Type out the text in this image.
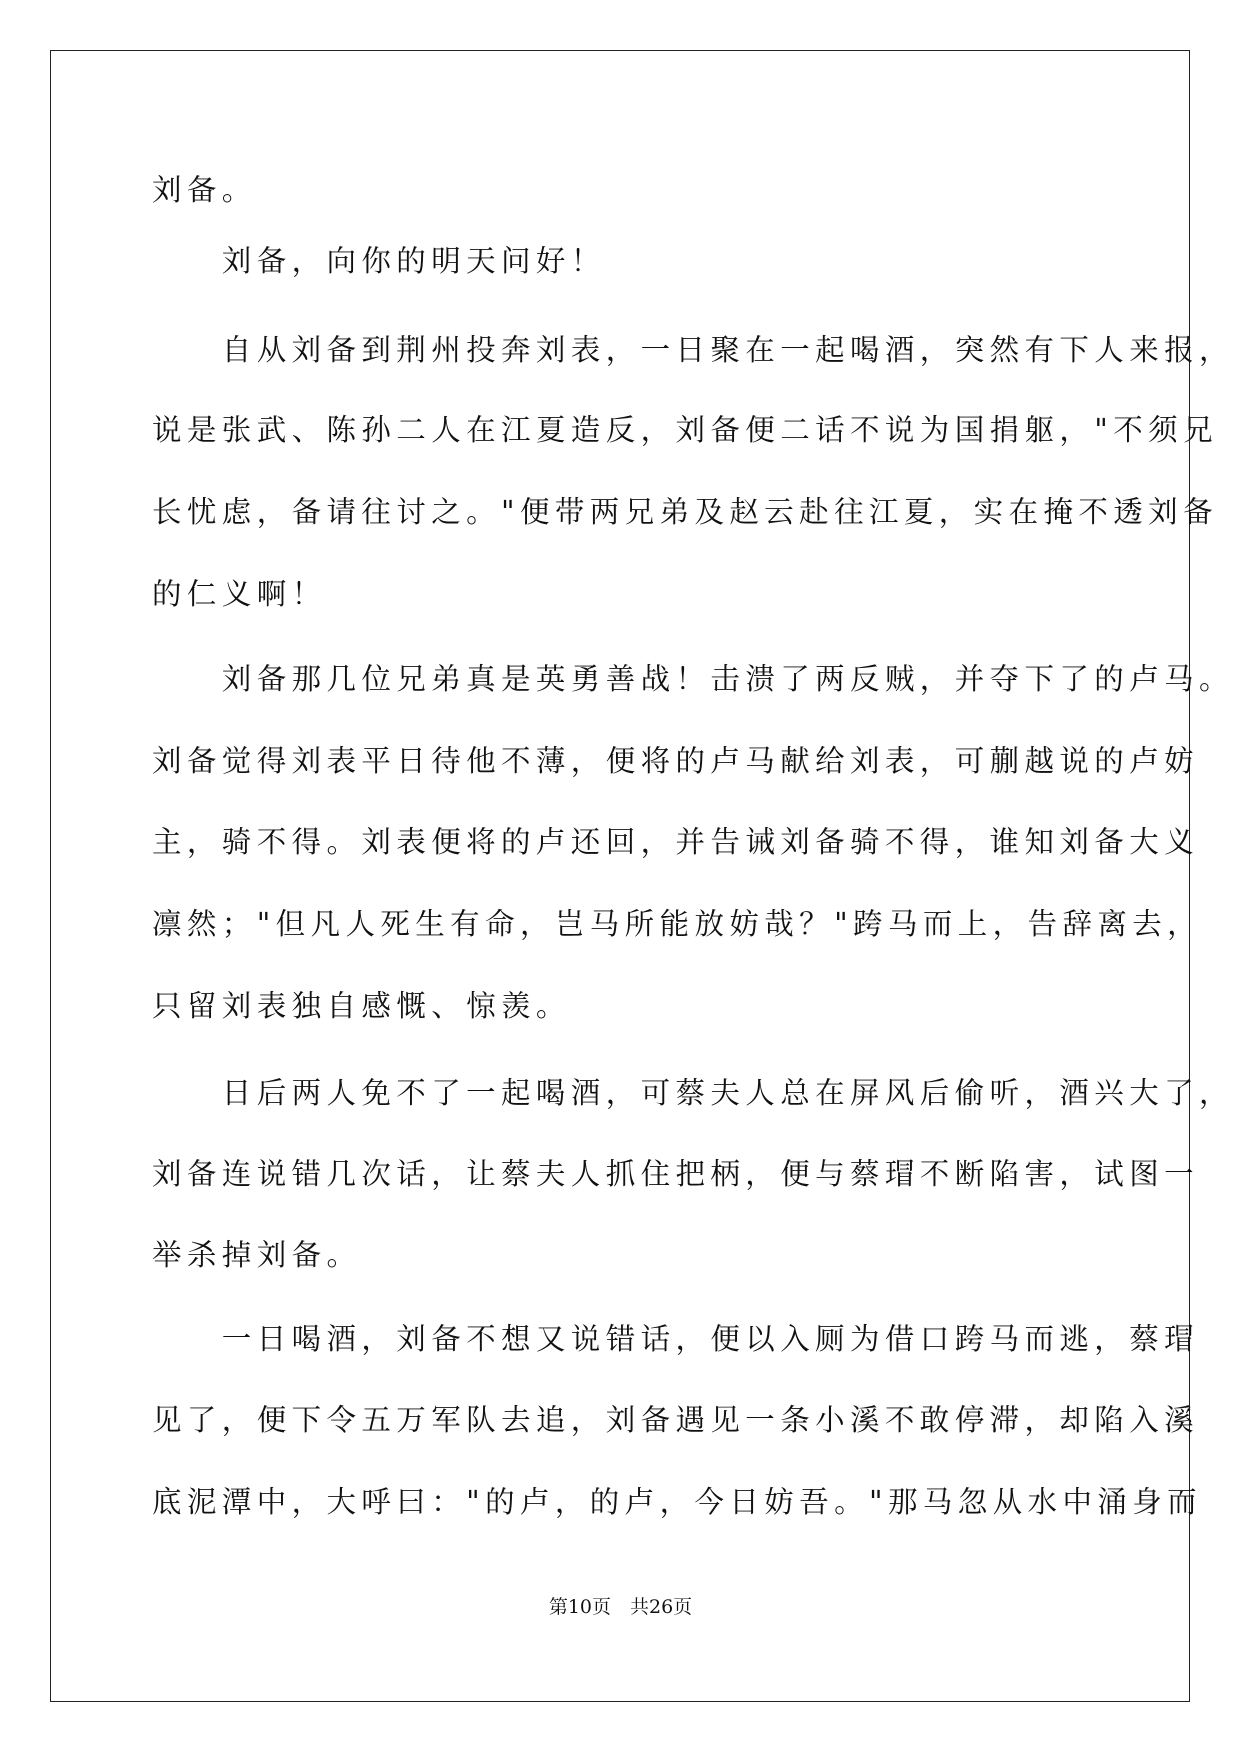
刘备。
　　刘备，向你的明天问好！
　　自从刘备到荆州投奔刘表，一日聚在一起喝酒，突然有下人来报，
说是张武、陈孙二人在江夏造反，刘备便二话不说为国捐躯，"不须兄
长忧虑，备请往讨之。"便带两兄弟及赵云赴往江夏，实在掩不透刘备
的仁义啊！
　　刘备那几位兄弟真是英勇善战！击溃了两反贼，并夺下了的卢马。
刘备觉得刘表平日待他不薄，便将的卢马献给刘表，可蒯越说的卢妨
主，骑不得。刘表便将的卢还回，并告诫刘备骑不得，谁知刘备大义
凛然；"但凡人死生有命，岂马所能放妨哉？"跨马而上，告辞离去，
只留刘表独自感慨、惊羡。
　　日后两人免不了一起喝酒，可蔡夫人总在屏风后偷听，酒兴大了，
刘备连说错几次话，让蔡夫人抓住把柄，便与蔡瑁不断陷害，试图一
举杀掉刘备。
　　一日喝酒，刘备不想又说错话，便以入厕为借口跨马而逃，蔡瑁
见了，便下令五万军队去追，刘备遇见一条小溪不敢停滞，却陷入溪
底泥潭中，大呼曰："的卢，的卢，今日妨吾。"那马忽从水中涌身而
第10页　共26页
